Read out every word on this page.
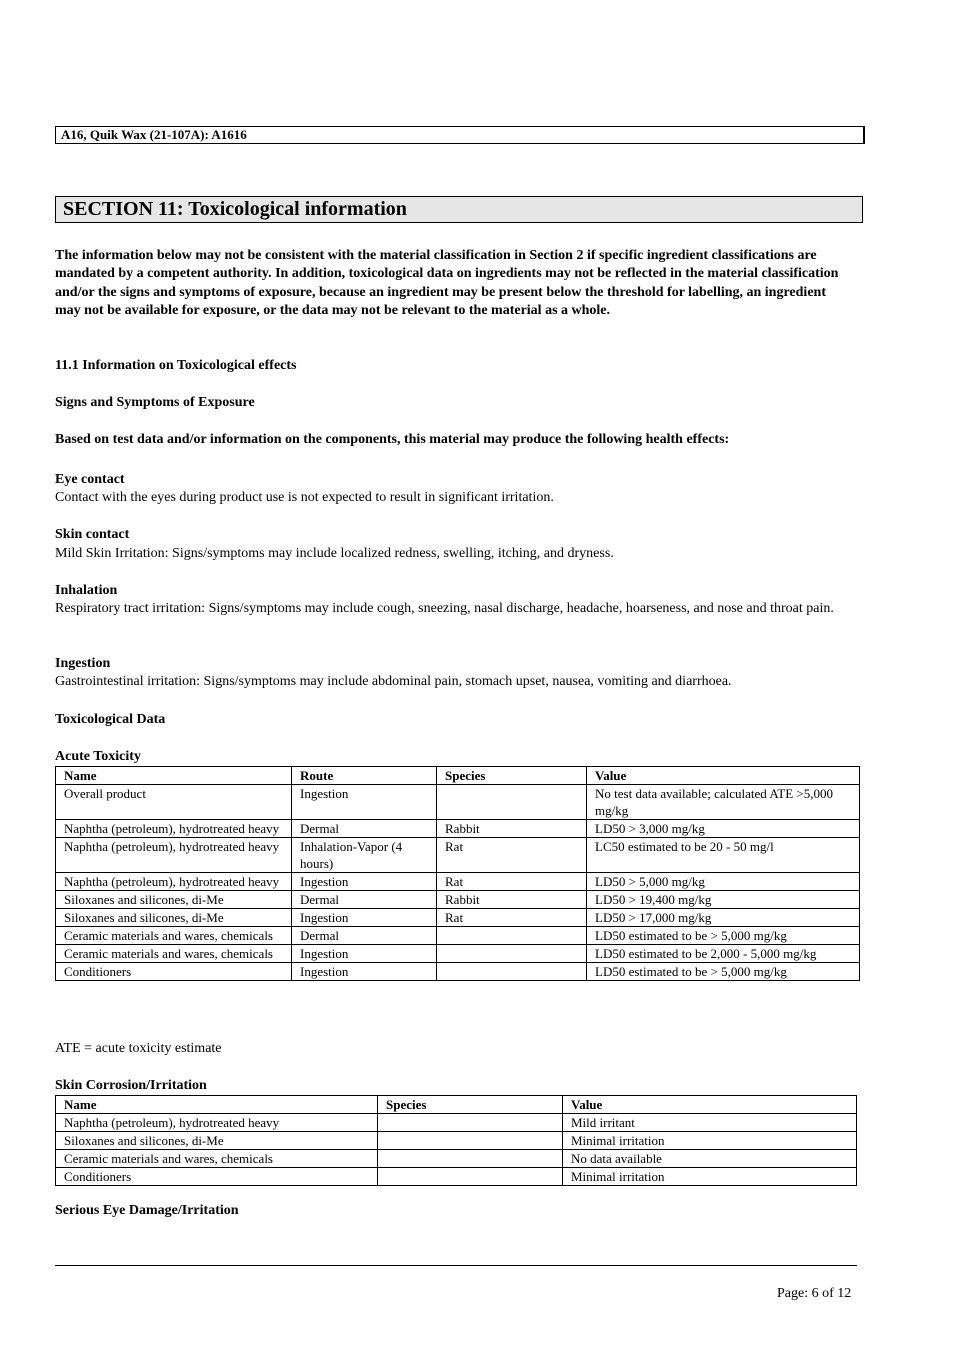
A16, Quik Wax (21-107A): A1616
SECTION 11: Toxicological information
The information below may not be consistent with the material classification in Section 2 if specific ingredient classifications are mandated by a competent authority. In addition, toxicological data on ingredients may not be reflected in the material classification and/or the signs and symptoms of exposure, because an ingredient may be present below the threshold for labelling, an ingredient may not be available for exposure, or the data may not be relevant to the material as a whole.
11.1 Information on Toxicological effects
Signs and Symptoms of Exposure
Based on test data and/or information on the components, this material may produce the following health effects:
Eye contact
Contact with the eyes during product use is not expected to result in significant irritation.
Skin contact
Mild Skin Irritation: Signs/symptoms may include localized redness, swelling, itching, and dryness.
Inhalation
Respiratory tract irritation: Signs/symptoms may include cough, sneezing, nasal discharge, headache, hoarseness, and nose and throat pain.
Ingestion
Gastrointestinal irritation: Signs/symptoms may include abdominal pain, stomach upset, nausea, vomiting and diarrhoea.
Toxicological Data
Acute Toxicity
Name	Route	Species	Value
Overall product	Ingestion		No test data available; calculated ATE >5,000 mg/kg
Naphtha (petroleum), hydrotreated heavy	Dermal	Rabbit	LD50 > 3,000 mg/kg
Naphtha (petroleum), hydrotreated heavy	Inhalation-Vapor (4 hours)	Rat	LC50 estimated to be 20 - 50 mg/l
Naphtha (petroleum), hydrotreated heavy	Ingestion	Rat	LD50 > 5,000 mg/kg
Siloxanes and silicones, di-Me	Dermal	Rabbit	LD50 > 19,400 mg/kg
Siloxanes and silicones, di-Me	Ingestion	Rat	LD50 > 17,000 mg/kg
Ceramic materials and wares, chemicals	Dermal		LD50 estimated to be > 5,000 mg/kg
Ceramic materials and wares, chemicals	Ingestion		LD50 estimated to be 2,000 - 5,000 mg/kg
Conditioners	Ingestion		LD50 estimated to be > 5,000 mg/kg
ATE = acute toxicity estimate
Skin Corrosion/Irritation
Name	Species	Value
Naphtha (petroleum), hydrotreated heavy		Mild irritant
Siloxanes and silicones, di-Me		Minimal irritation
Ceramic materials and wares, chemicals		No data available
Conditioners		Minimal irritation
Serious Eye Damage/Irritation
Page: 6 of 12
